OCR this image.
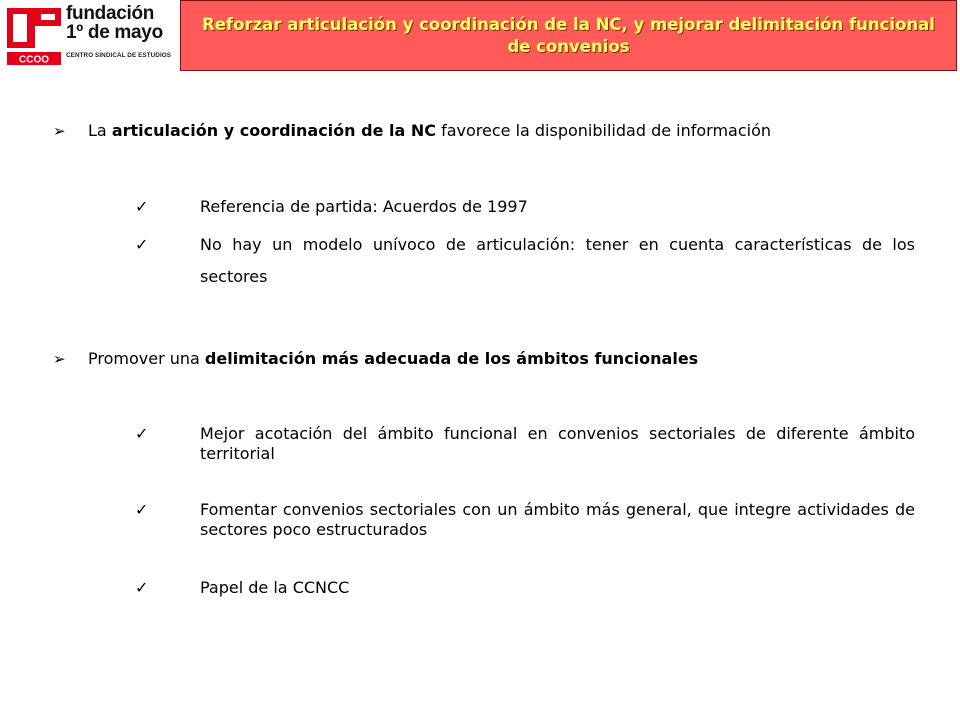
CCOO
fundación
1º de mayo
CENTRO SINDICAL DE ESTUDIOS

Reforzar articulación y coordinación de la NC, y mejorar delimitación funcional de convenios

➢ La articulación y coordinación de la NC favorece la disponibilidad de información
✓	Referencia de partida: Acuerdos de 1997
✓	No hay un modelo unívoco de articulación: tener en cuenta características de los sectores
➢ Promover una delimitación más adecuada de los ámbitos funcionales
✓	Mejor acotación del ámbito funcional en convenios sectoriales de diferente ámbito territorial
✓	Fomentar convenios sectoriales con un ámbito más general, que integre actividades de sectores poco estructurados
✓	Papel de la CCNCC
